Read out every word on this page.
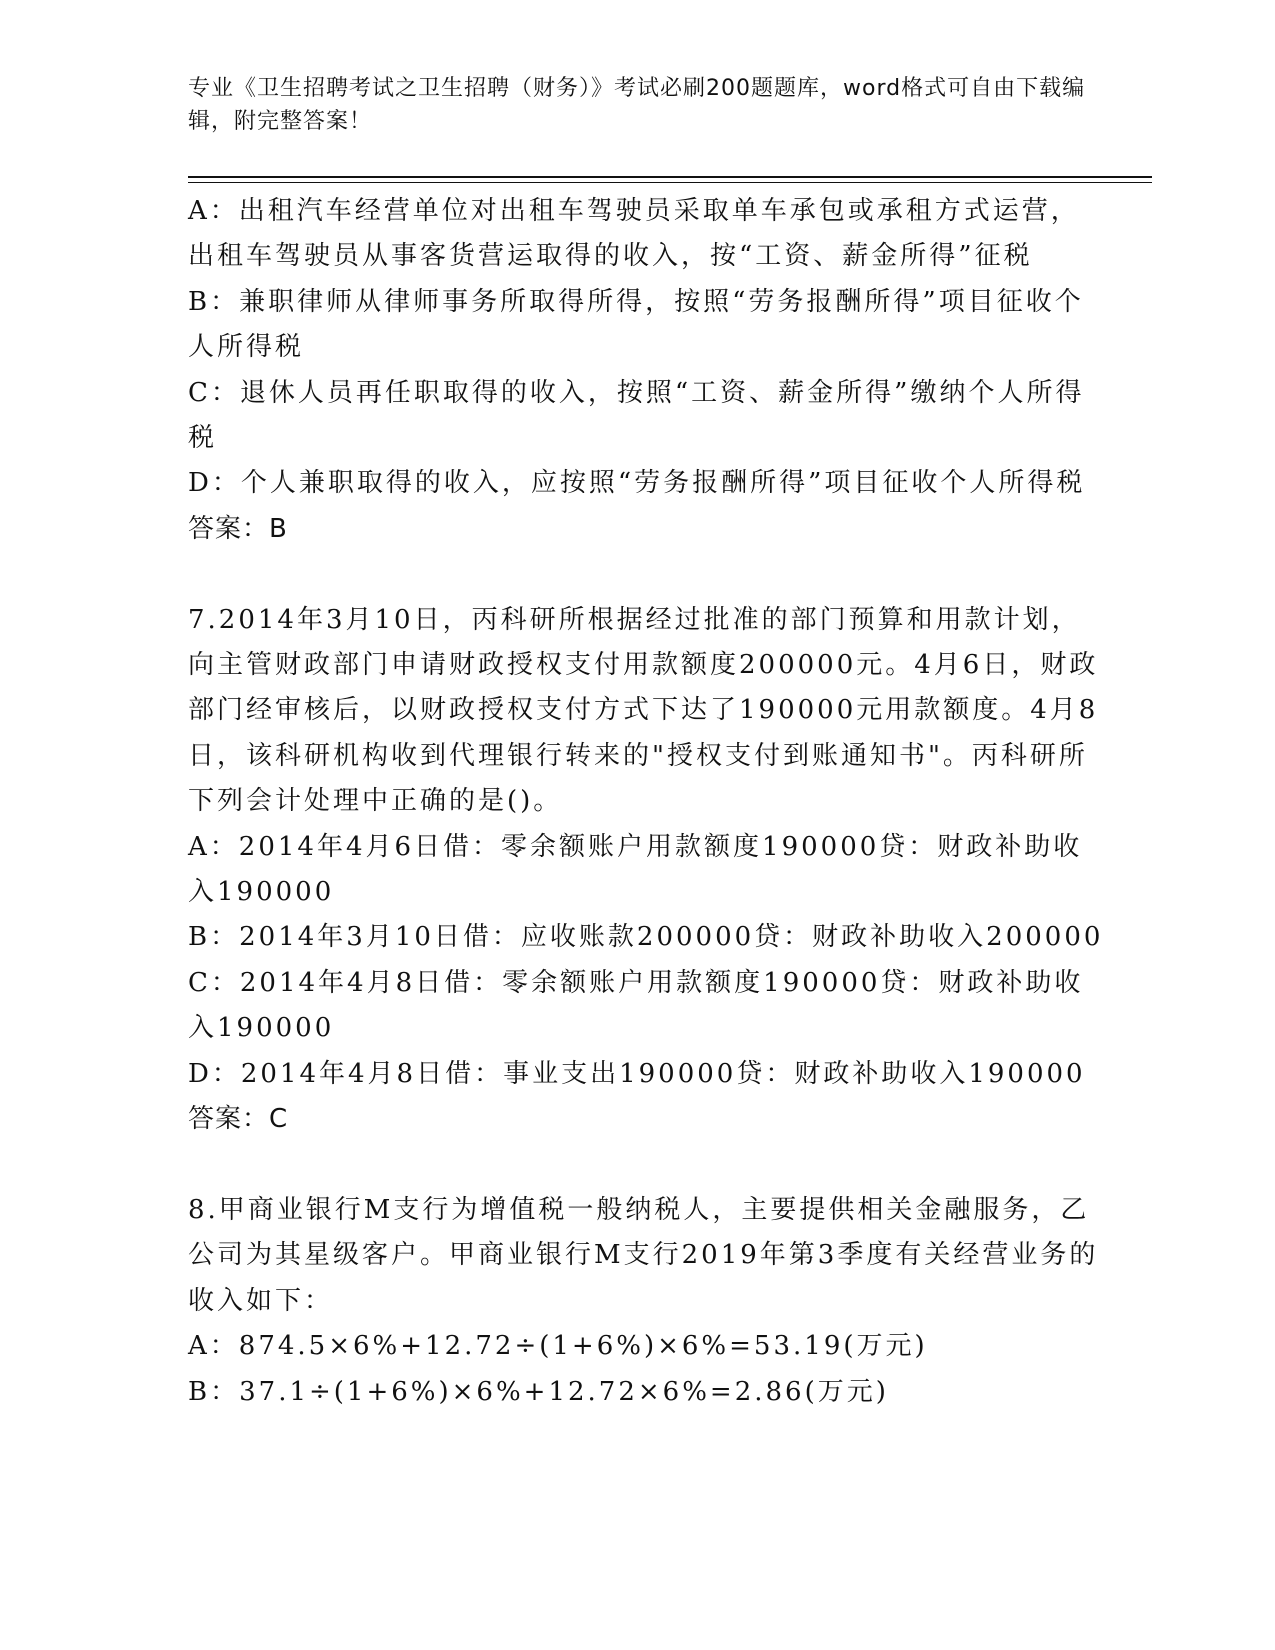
专业《卫生招聘考试之卫生招聘（财务）》考试必刷200题题库，word格式可自由下载编辑，附完整答案！

A：出租汽车经营单位对出租车驾驶员采取单车承包或承租方式运营，出租车驾驶员从事客货营运取得的收入，按“工资、薪金所得”征税

B：兼职律师从律师事务所取得所得，按照“劳务报酬所得”项目征收个人所得税

C：退休人员再任职取得的收入，按照“工资、薪金所得”缴纳个人所得税

D：个人兼职取得的收入，应按照“劳务报酬所得”项目征收个人所得税

答案：B

7.2014年3月10日，丙科研所根据经过批准的部门预算和用款计划，向主管财政部门申请财政授权支付用款额度200000元。4月6日，财政部门经审核后，以财政授权支付方式下达了190000元用款额度。4月8日，该科研机构收到代理银行转来的"授权支付到账通知书"。丙科研所下列会计处理中正确的是()。

A：2014年4月6日借：零余额账户用款额度190000贷：财政补助收入190000

B：2014年3月10日借：应收账款200000贷：财政补助收入200000

C：2014年4月8日借：零余额账户用款额度190000贷：财政补助收入190000

D：2014年4月8日借：事业支出190000贷：财政补助收入190000

答案：C

8.甲商业银行M支行为增值税一般纳税人，主要提供相关金融服务，乙公司为其星级客户。甲商业银行M支行2019年第3季度有关经营业务的收入如下：

A：874.5×6%+12.72÷(1+6%)×6%=53.19(万元)

B：37.1÷(1+6%)×6%+12.72×6%=2.86(万元)
